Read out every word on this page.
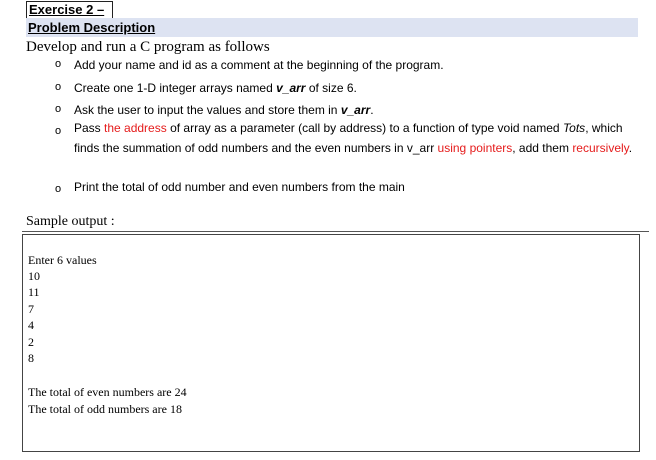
Exercise 2 –
Problem Description
Develop and run a C program as follows
o	Add your name and id as a comment at the beginning of the program.
o	Create one 1-D integer arrays named v_arr of size 6.
o	Ask the user to input the values and store them in v_arr.
o	Pass the address of array as a parameter (call by address) to a function of type void named Tots, which finds the summation of odd numbers and the even numbers in v_arr using pointers, add them recursively.
o	Print the total of odd number and even numbers from the main
Sample output :
Enter 6 values
10
11
7
4
2
8
The total of even numbers are 24
The total of odd numbers are 18
